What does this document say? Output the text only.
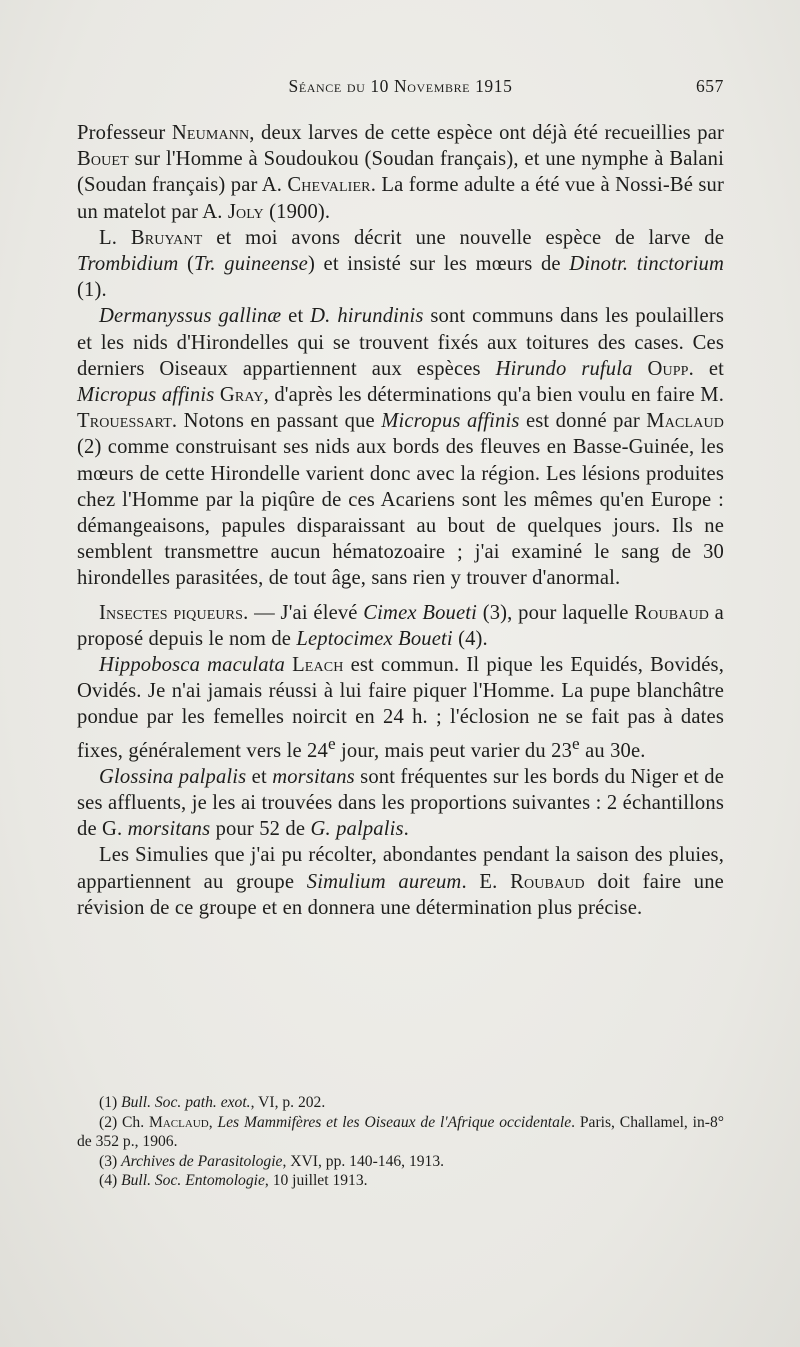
Séance du 10 Novembre 1915	657

Professeur Neumann, deux larves de cette espèce ont déjà été recueillies par Bouet sur l'Homme à Soudoukou (Soudan français), et une nymphe à Balani (Soudan français) par A. Chevalier. La forme adulte a été vue à Nossi-Bé sur un matelot par A. Joly (1900).

L. Bruyant et moi avons décrit une nouvelle espèce de larve de Trombidium (Tr. guineense) et insisté sur les mœurs de Dinotr. tinctorium (1).

Dermanyssus gallinæ et D. hirundinis sont communs dans les poulaillers et les nids d'Hirondelles qui se trouvent fixés aux toitures des cases. Ces derniers Oiseaux appartiennent aux espèces Hirundo rufula Oupp. et Micropus affinis Gray, d'après les déterminations qu'a bien voulu en faire M. Trouessart. Notons en passant que Micropus affinis est donné par Maclaud (2) comme construisant ses nids aux bords des fleuves en Basse-Guinée, les mœurs de cette Hirondelle varient donc avec la région. Les lésions produites chez l'Homme par la piqûre de ces Acariens sont les mêmes qu'en Europe : démangeaisons, papules disparaissant au bout de quelques jours. Ils ne semblent transmettre aucun hématozoaire ; j'ai examiné le sang de 30 hirondelles parasitées, de tout âge, sans rien y trouver d'anormal.

Insectes piqueurs. — J'ai élevé Cimex Boueti (3), pour laquelle Roubaud a proposé depuis le nom de Leptocimex Boueti (4).

Hippobosca maculata Leach est commun. Il pique les Equidés, Bovidés, Ovidés. Je n'ai jamais réussi à lui faire piquer l'Homme. La pupe blanchâtre pondue par les femelles noircit en 24 h. ; l'éclosion ne se fait pas à dates fixes, généralement vers le 24e jour, mais peut varier du 23e au 30e.

Glossina palpalis et morsitans sont fréquentes sur les bords du Niger et de ses affluents, je les ai trouvées dans les proportions suivantes : 2 échantillons de G. morsitans pour 52 de G. palpalis.

Les Simulies que j'ai pu récolter, abondantes pendant la saison des pluies, appartiennent au groupe Simulium aureum. E. Roubaud doit faire une révision de ce groupe et en donnera une détermination plus précise.

(1) Bull. Soc. path. exot., VI, p. 202.

(2) Ch. Maclaud, Les Mammifères et les Oiseaux de l'Afrique occidentale. Paris, Challamel, in-8° de 352 p., 1906.

(3) Archives de Parasitologie, XVI, pp. 140-146, 1913.

(4) Bull. Soc. Entomologie, 10 juillet 1913.
